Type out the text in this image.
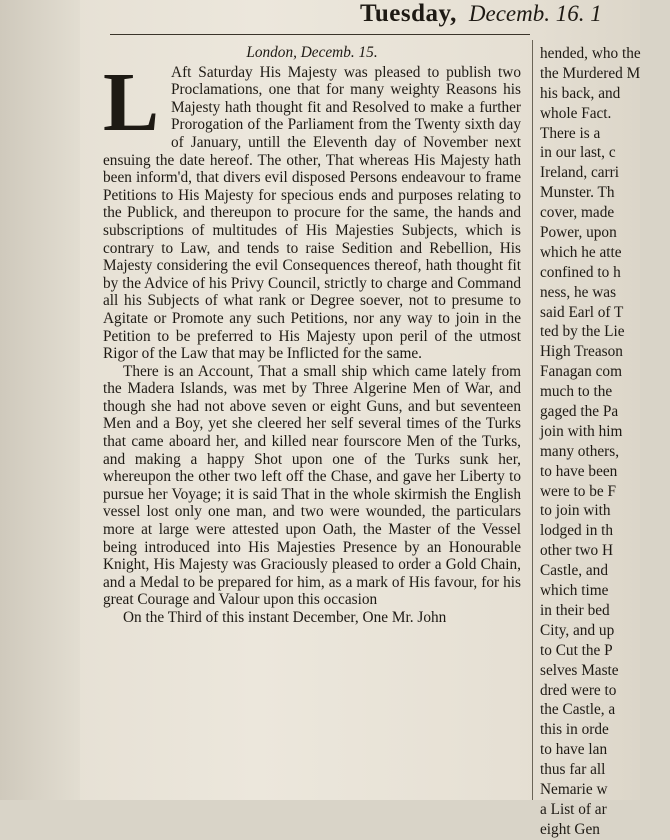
Tuesday, Decemb. 16. 1

London, Decemb. 15.

L Aft Saturday His Majesty was pleased to publish two Proclamations, one that for many weighty Reasons his Majesty hath thought fit and Resolved to make a further Prorogation of the Parliament from the Twenty sixth day of January, untill the Eleventh day of November next ensuing the date hereof. The other, That whereas His Majesty hath been inform'd, that divers evil disposed Persons endeavour to frame Petitions to His Majesty for specious ends and purposes relating to the Publick, and thereupon to procure for the same, the hands and subscriptions of multitudes of His Majesties Subjects, which is contrary to Law, and tends to raise Sedition and Rebellion, His Majesty considering the evil Consequences thereof, hath thought fit by the Advice of his Privy Council, strictly to charge and Command all his Subjects of what rank or Degree soever, not to presume to Agitate or Promote any such Petitions, nor any way to join in the Petition to be preferred to His Majesty upon peril of the utmost Rigor of the Law that may be Inflicted for the same.

There is an Account, That a small ship which came lately from the Madera Islands, was met by Three Algerine Men of War, and though she had not above seven or eight Guns, and but seventeen Men and a Boy, yet she cleered her self several times of the Turks that came aboard her, and killed near fourscore Men of the Turks, and making a happy Shot upon one of the Turks sunk her, whereupon the other two left off the Chase, and gave her Liberty to pursue her Voyage; it is said That in the whole skirmish the English vessel lost only one man, and two were wounded, the particulars more at large were attested upon Oath, the Master of the Vessel being introduced into His Majesties Presence by an Honourable Knight, His Majesty was Graciously pleased to order a Gold Chain, and a Medal to be prepared for him, as a mark of His favour, for his great Courage and Valour upon this occasion

On the Third of this instant December, One Mr. John

hended, who the
the Murdered M
his back, and
whole Fact.
There is a
in our last, c
Ireland, carri
Munster. Th
cover, made
Power, upon
which he atte
confined to h
ness, he was
said Earl of T
ted by the Lie
High Treason
Fanagan com
much to the
gaged the Pa
join with him
many others,
to have been
were to be F
to join with
lodged in th
other two H
Castle, and
which time
in their bed
City, and up
to Cut the P
selves Maste
dred were to
the Castle, a
this in orde
to have lan
thus far all
Nemarie w
a List of ar
eight Gen
